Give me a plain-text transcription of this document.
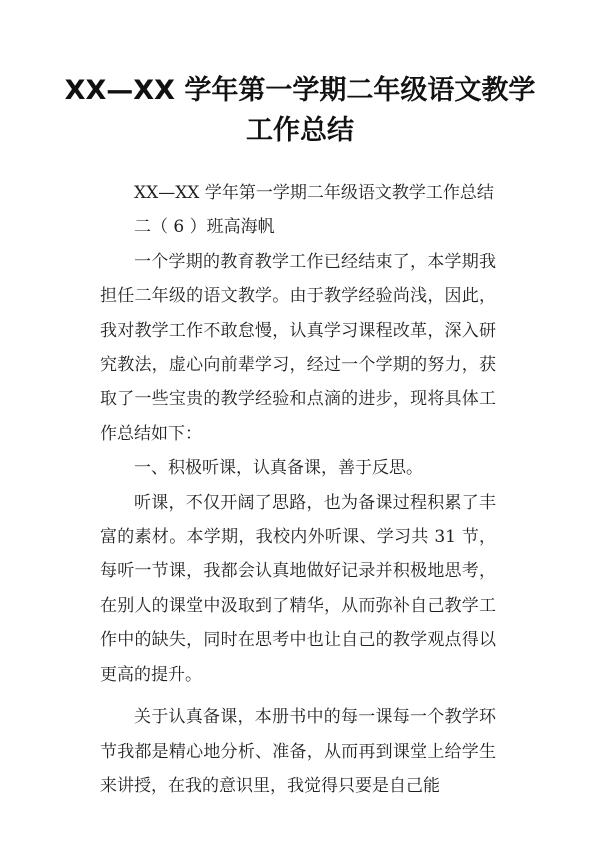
XX—XX 学年第一学期二年级语文教学
工作总结

XX—XX 学年第一学期二年级语文教学工作总结

二（ 6 ）班高海帆

一个学期的教育教学工作已经结束了，本学期我担任二年级的语文教学。由于教学经验尚浅，因此，我对教学工作不敢怠慢，认真学习课程改革，深入研究教法，虚心向前辈学习，经过一个学期的努力，获取了一些宝贵的教学经验和点滴的进步，现将具体工作总结如下：

一、积极听课，认真备课，善于反思。

听课，不仅开阔了思路，也为备课过程积累了丰富的素材。本学期，我校内外听课、学习共 31 节，每听一节课，我都会认真地做好记录并积极地思考，在别人的课堂中汲取到了精华，从而弥补自己教学工作中的缺失，同时在思考中也让自己的教学观点得以更高的提升。

关于认真备课，本册书中的每一课每一个教学环节我都是精心地分析、准备，从而再到课堂上给学生来讲授，在我的意识里，我觉得只要是自己能
